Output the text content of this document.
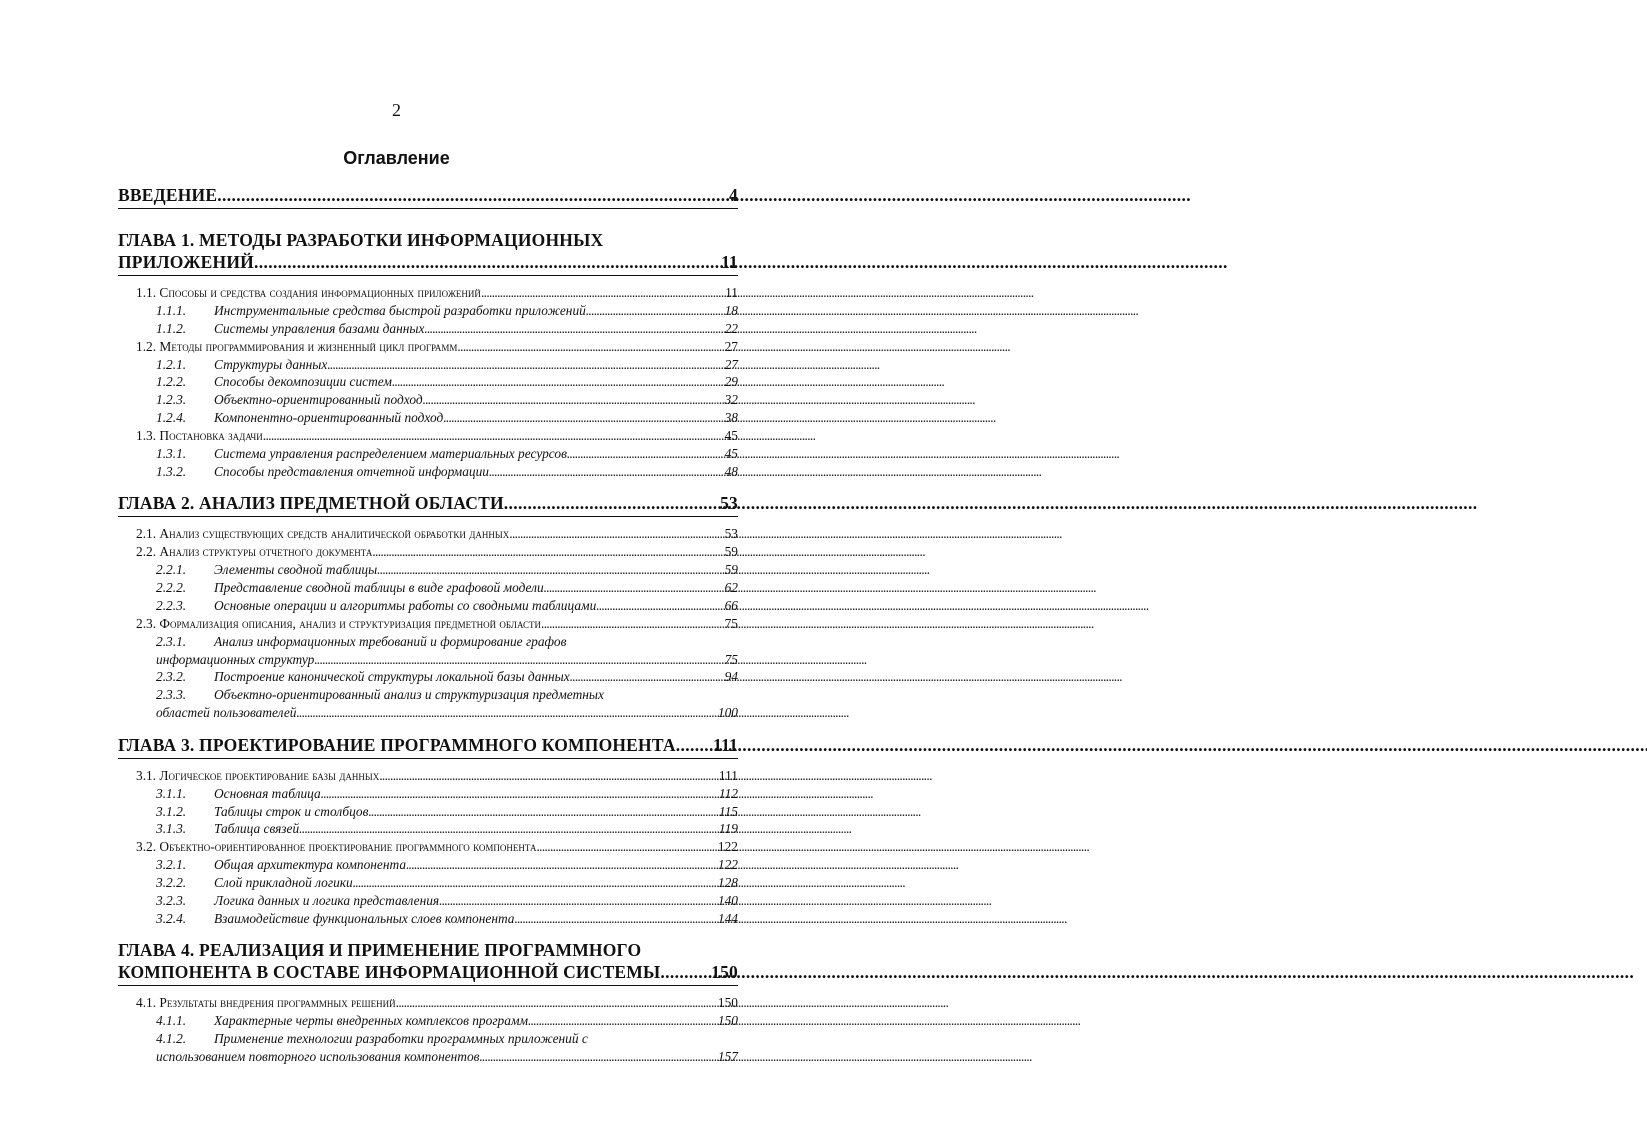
2
Оглавление
ВВЕДЕНИЕ . . .	4
ГЛАВА 1. МЕТОДЫ РАЗРАБОТКИ ИНФОРМАЦИОННЫХ
ПРИЛОЖЕНИЙ . . .	11
1.1. Способы и средства создания информационных приложений . . .	11
1.1.1. Инструментальные средства быстрой разработки приложений . . .	18
1.1.2. Системы управления базами данных . . .	22
1.2. Методы программирования и жизненный цикл программ . . .	27
1.2.1. Структуры данных . . .	27
1.2.2. Способы декомпозиции систем . . .	29
1.2.3. Объектно-ориентированный подход . . .	32
1.2.4. Компонентно-ориентированный подход . . .	38
1.3. Постановка задачи . . .	45
1.3.1. Система управления распределением материальных ресурсов . . .	45
1.3.2. Способы представления отчетной информации . . .	48
ГЛАВА 2. АНАЛИЗ ПРЕДМЕТНОЙ ОБЛАСТИ . . .	53
2.1. Анализ существующих средств аналитической обработки данных . . .	53
2.2. Анализ структуры отчетного документа . . .	59
2.2.1. Элементы сводной таблицы . . .	59
2.2.2. Представление сводной таблицы в виде графовой модели . . .	62
2.2.3. Основные операции и алгоритмы работы со сводными таблицами . . .	66
2.3. Формализация описания, анализ и структуризация предметной области . . .	75
2.3.1. Анализ информационных требований и формирование графов
информационных структур . . .	75
2.3.2. Построение канонической структуры локальной базы данных . . .	94
2.3.3. Объектно-ориентированный анализ и структуризация предметных
областей пользователей . . .	100
ГЛАВА 3. ПРОЕКТИРОВАНИЕ ПРОГРАММНОГО КОМПОНЕНТА . . . 111
3.1. Логическое проектирование базы данных . . .	111
3.1.1. Основная таблица . . .	112
3.1.2. Таблицы строк и столбцов . . .	115
3.1.3. Таблица связей . . .	119
3.2. Объектно-ориентированное проектирование программного компонента . . .	122
3.2.1. Общая архитектура компонента . . .	122
3.2.2. Слой прикладной логики . . .	128
3.2.3. Логика данных и логика представления . . .	140
3.2.4. Взаимодействие функциональных слоев компонента . . .	144
ГЛАВА 4. РЕАЛИЗАЦИЯ И ПРИМЕНЕНИЕ ПРОГРАММНОГО
КОМПОНЕНТА В СОСТАВЕ ИНФОРМАЦИОННОЙ СИСТЕМЫ . . .	150
4.1. Результаты внедрения программных решений . . .	150
4.1.1. Характерные черты внедренных комплексов программ . . .	150
4.1.2. Применение технологии разработки программных приложений с
использованием повторного использования компонентов . . .	157
